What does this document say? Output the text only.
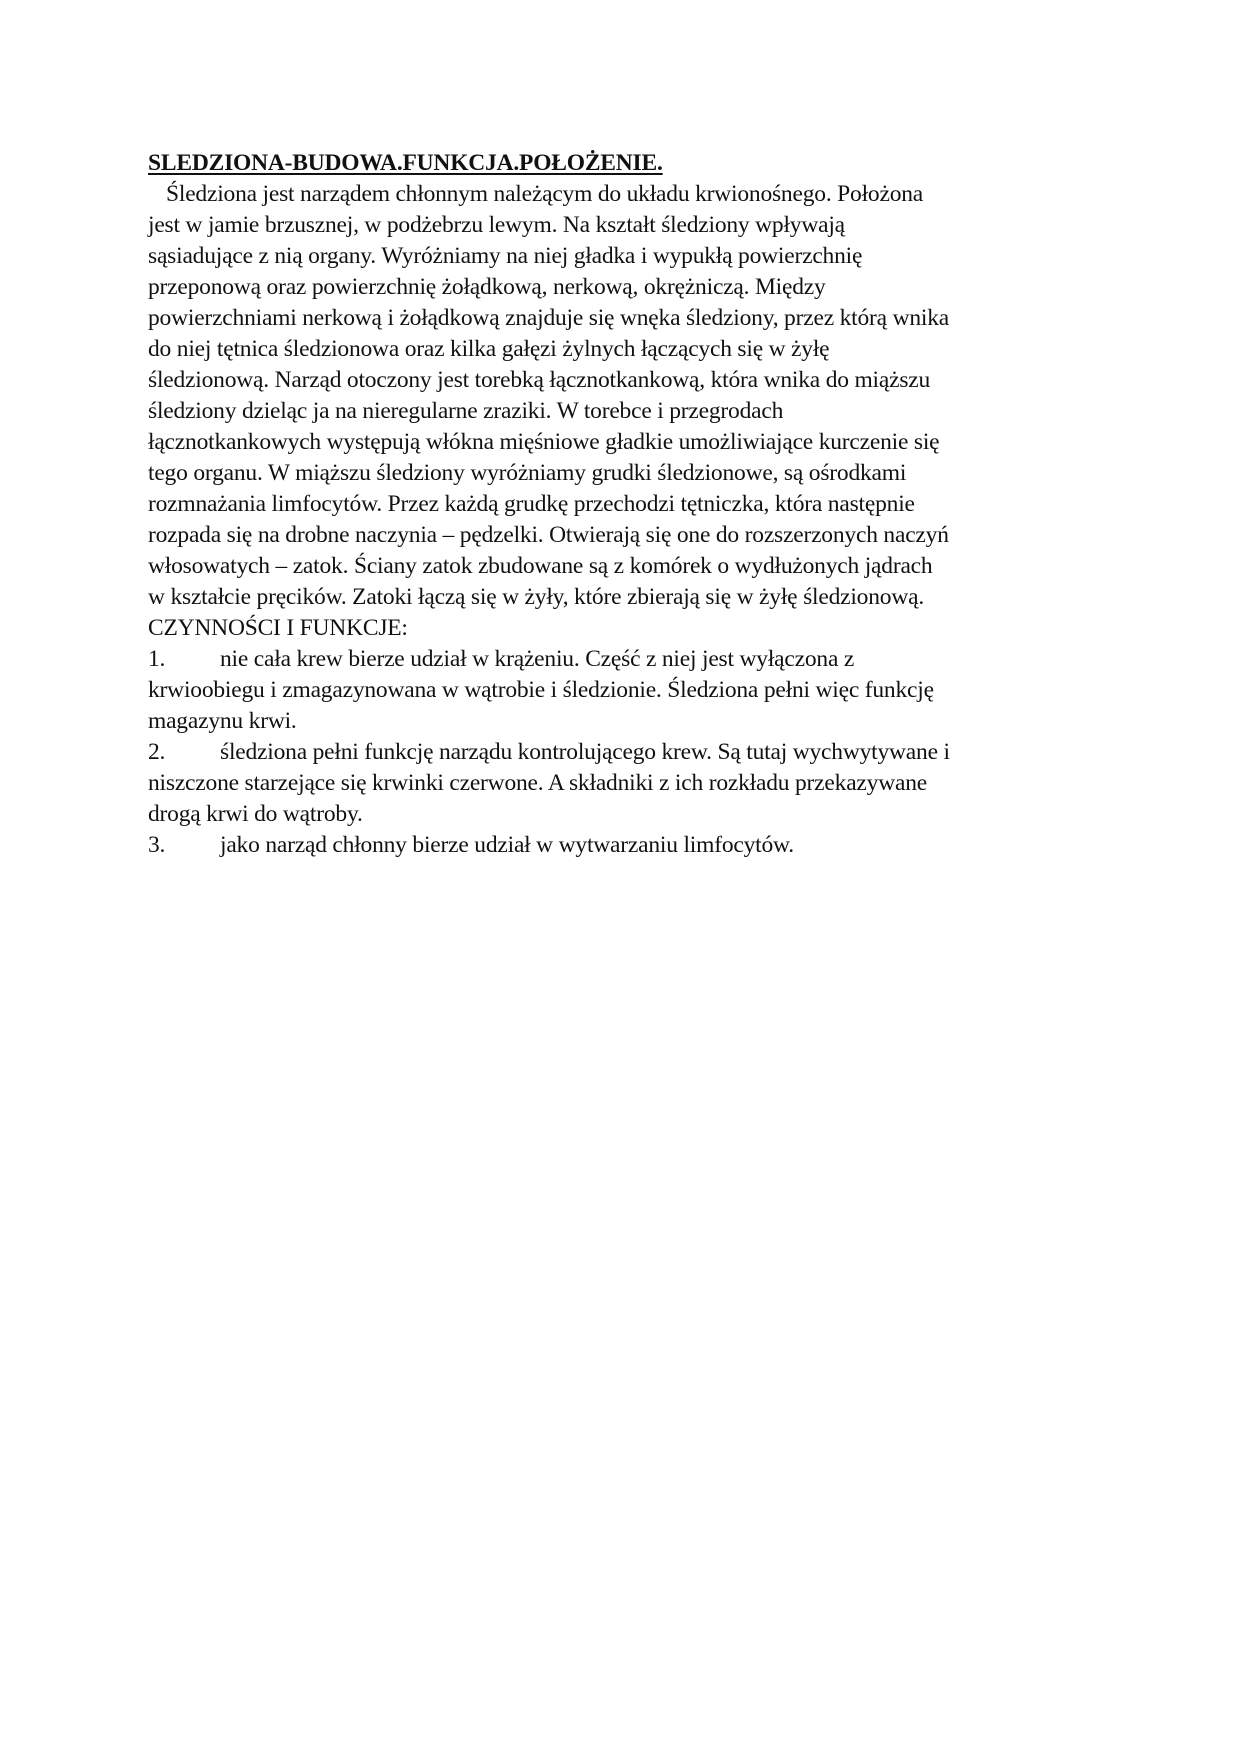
SLEDZIONA-BUDOWA.FUNKCJA.POŁOŻENIE.
Śledziona jest narządem chłonnym należącym do układu krwionośnego. Położona
jest w jamie brzusznej, w podżebrzu lewym. Na kształt śledziony wpływają
sąsiadujące z nią organy. Wyróżniamy na niej gładka i wypukłą powierzchnię
przeponową oraz powierzchnię żołądkową, nerkową, okrężniczą. Między
powierzchniami nerkową i żołądkową znajduje się wnęka śledziony, przez którą wnika
do niej tętnica śledzionowa oraz kilka gałęzi żylnych łączących się w żyłę
śledzionową. Narząd otoczony jest torebką łącznotkankową, która wnika do miąższu
śledziony dzieląc ja na nieregularne zraziki. W torebce i przegrodach
łącznotkankowych występują włókna mięśniowe gładkie umożliwiające kurczenie się
tego organu. W miąższu śledziony wyróżniamy grudki śledzionowe, są ośrodkami
rozmnażania limfocytów. Przez każdą grudkę przechodzi tętniczka, która następnie
rozpada się na drobne naczynia – pędzelki. Otwierają się one do rozszerzonych naczyń
włosowatych – zatok. Ściany zatok zbudowane są z komórek o wydłużonych jądrach
w kształcie pręcików. Zatoki łączą się w żyły, które zbierają się w żyłę śledzionową.
CZYNNOŚCI I FUNKCJE:
1. nie cała krew bierze udział w krążeniu. Część z niej jest wyłączona z
krwioobiegu i zmagazynowana w wątrobie i śledzionie. Śledziona pełni więc funkcję
magazynu krwi.
2. śledziona pełni funkcję narządu kontrolującego krew. Są tutaj wychwytywane i
niszczone starzejące się krwinki czerwone. A składniki z ich rozkładu przekazywane
drogą krwi do wątroby.
3. jako narząd chłonny bierze udział w wytwarzaniu limfocytów.
